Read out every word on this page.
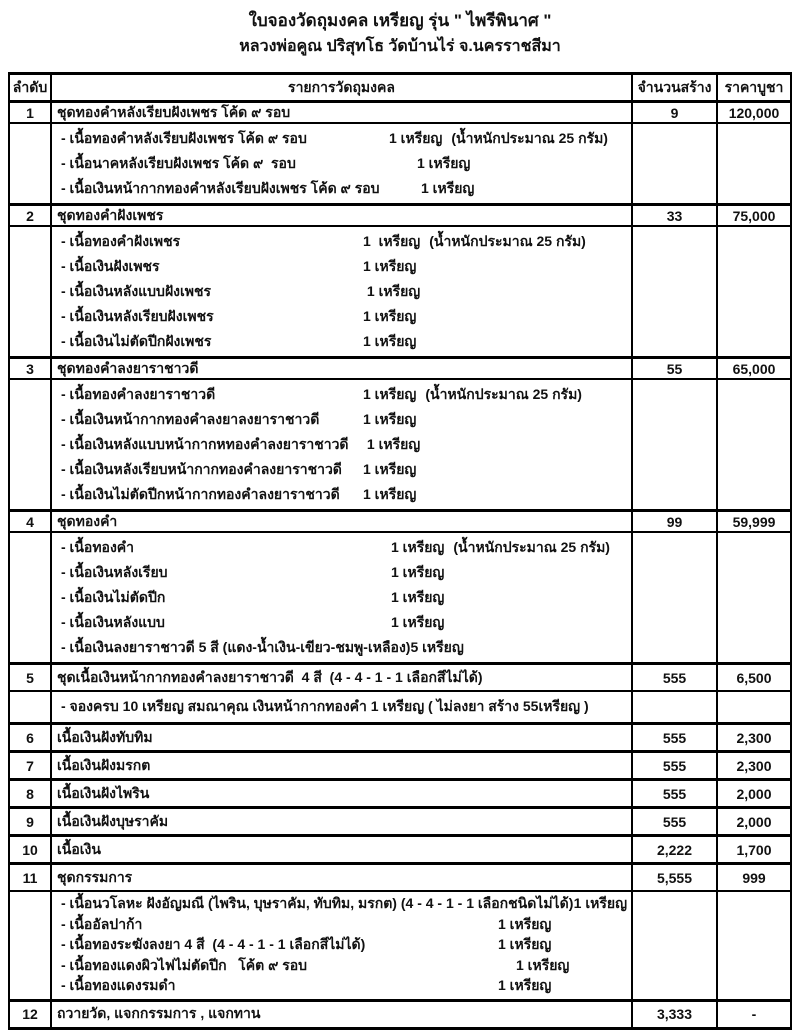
ใบจองวัดถุมงคล เหรียญ รุ่น " ไพรีพินาศ "
หลวงพ่อคูณ ปริสุทโธ วัดบ้านไร่ จ.นครราชสีมา
ลำดับ	รายการวัดถุมงคล	จำนวนสร้าง ราคาบูชา
1	ชุดทองคำหลังเรียบฝังเพชร โค้ด ๙ รอบ	9	120,000
- เนื้อทองคำหลังเรียบฝังเพชร โค้ด ๙ รอบ	1 เหรียญ (น้ำหนักประมาณ 25 กรัม)
- เนื้อนาคหลังเรียบฝังเพชร โค้ด ๙  รอบ	1 เหรียญ
- เนื้อเงินหน้ากากทองคำหลังเรียบฝังเพชร โค้ด ๙ รอบ	1 เหรียญ
2	ชุดทองคำฝังเพชร	33	75,000
- เนื้อทองคำฝังเพชร	1  เหรียญ (น้ำหนักประมาณ 25 กรัม)
- เนื้อเงินฝังเพชร	1 เหรียญ
- เนื้อเงินหลังแบบฝังเพชร	1 เหรียญ
- เนื้อเงินหลังเรียบฝังเพชร	1 เหรียญ
- เนื้อเงินไม่ตัดปีกฝังเพชร	1 เหรียญ
3	ชุดทองคำลงยาราชาวดี	55	65,000
- เนื้อทองคำลงยาราชาวดี	1 เหรียญ (น้ำหนักประมาณ 25 กรัม)
- เนื้อเงินหน้ากากทองคำลงยาลงยาราชาวดี	1 เหรียญ
- เนื้อเงินหลังแบบหน้ากากหทองคำลงยาราชาวดี	1 เหรียญ
- เนื้อเงินหลังเรียบหน้ากากทองคำลงยาราชาวดี	1 เหรียญ
- เนื้อเงินไม่ตัดปีกหน้ากากทองคำลงยาราชาวดี	1 เหรียญ
4	ชุดทองคำ	99	59,999
- เนื้อทองคำ	1 เหรียญ (น้ำหนักประมาณ 25 กรัม)
- เนื้อเงินหลังเรียบ	1 เหรียญ
- เนื้อเงินไม่ตัดปีก	1 เหรียญ
- เนื้อเงินหลังแบบ	1 เหรียญ
- เนื้อเงินลงยาราชาวดี 5 สี (แดง-น้ำเงิน-เขียว-ชมพู-เหลือง) 5 เหรียญ
5	ชุดเนื้อเงินหน้ากากทองคำลงยาราชาวดี  4 สี  (4 - 4 - 1 - 1 เลือกสีไม่ได้)	555	6,500
- จองครบ 10 เหรียญ สมณาคุณ เงินหน้ากากทองคำ 1 เหรียญ ( ไม่ลงยา สร้าง 55เหรียญ )
6	เนื้อเงินฝังทับทิม	555	2,300
7	เนื้อเงินฝังมรกต	555	2,300
8	เนื้อเงินฝังไพริน	555	2,000
9	เนื้อเงินฝังบุษราคัม	555	2,000
10	เนื้อเงิน	2,222	1,700
11	ชุดกรรมการ	5,555	999
- เนื้อนวโลหะ ฝังอัญมณี (ไพริน, บุษราคัม, ทับทิม, มรกต) (4 - 4 - 1 - 1 เลือกชนิดไม่ได้)
1 เหรียญ
- เนื้ออัลปาก้า	1 เหรียญ
- เนื้อทองระฆังลงยา 4 สี  (4 - 4 - 1 - 1 เลือกสีไม่ได้)	1 เหรียญ
- เนื้อทองแดงผิวไฟไม่ตัดปีก   โค้ต ๙ รอบ	1 เหรียญ
- เนื้อทองแดงรมดำ	1 เหรียญ
12	ถวายวัด, แจกกรรมการ , แจกทาน	3,333	-
